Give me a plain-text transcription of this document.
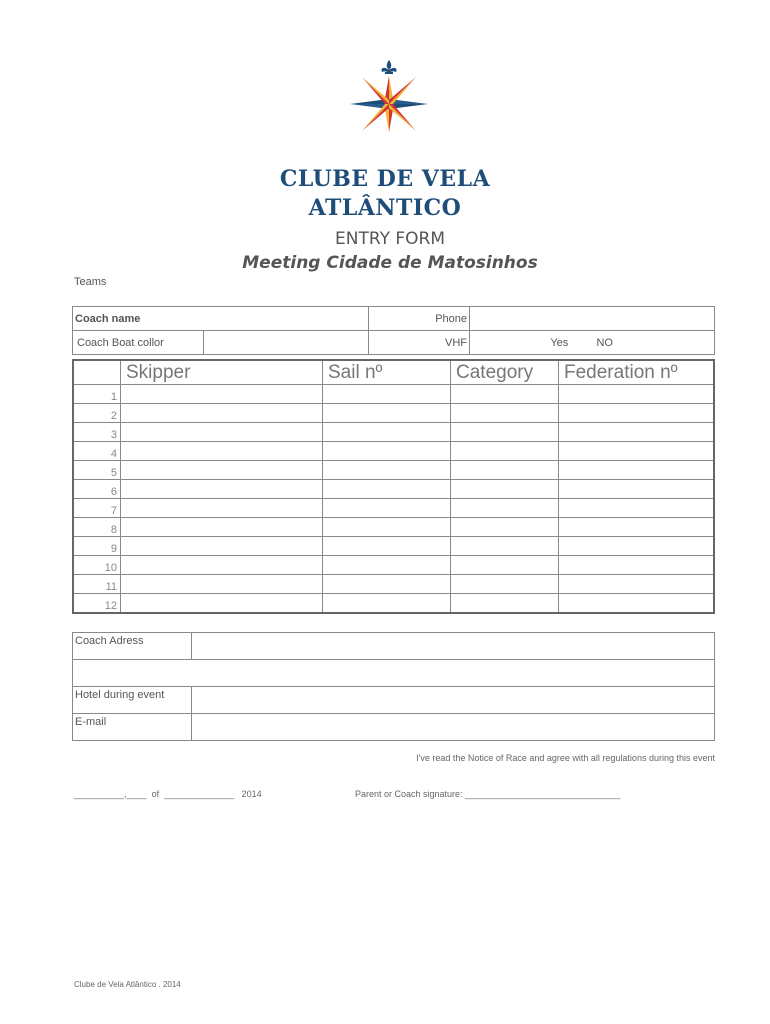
CLUBE DE VELA
ATLÂNTICO
ENTRY FORM
Meeting Cidade de Matosinhos
Teams
Coach name		Phone		
Coach Boat collor		VHF		Yes NO
	Skipper	Sail nº	Category	Federation nº
1				
2				
3				
4				
5				
6				
7				
8				
9				
10				
11				
12				
Coach Adress	

Hotel during event	
E-mail	
I've read the Notice of Race and agree with all regulations during this event
__________,____  of  ______________   2014	Parent or Coach signature: _______________________________
Clube de Vela Atlântico . 2014
